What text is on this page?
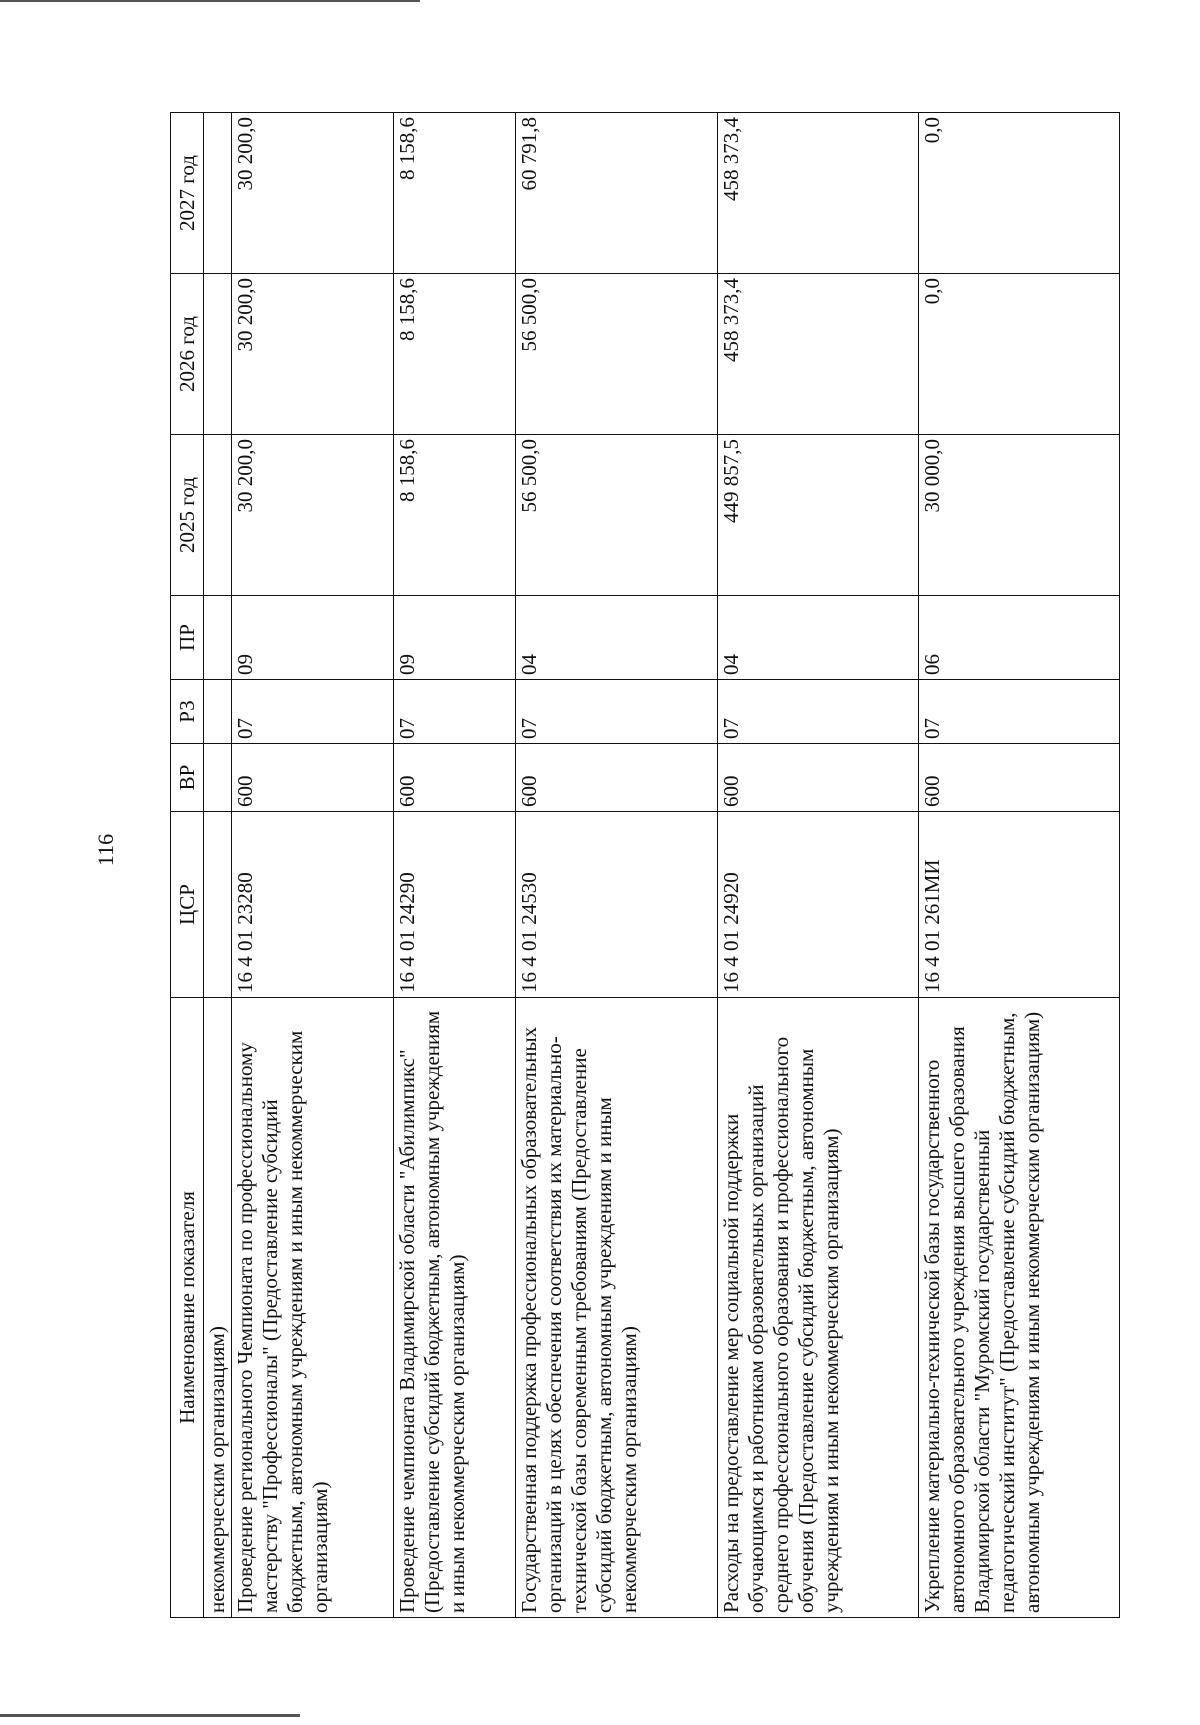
116
Наименование показателя	ЦСР	ВР	РЗ	ПР	2025 год	2026 год	2027 год
некоммерческим организациям)							
Проведение регионального Чемпионата по профессиональному мастерству "Профессионалы" (Предоставление субсидий бюджетным, автономным учреждениям и иным некоммерческим организациям)	16 4 01 23280	600	07	09	30 200,0	30 200,0	30 200,0
Проведение чемпионата Владимирской области "Абилимпикс" (Предоставление субсидий бюджетным, автономным учреждениям и иным некоммерческим организациям)	16 4 01 24290	600	07	09	8 158,6	8 158,6	8 158,6
Государственная поддержка профессиональных образовательных организаций в целях обеспечения соответствия их материально-технической базы современным требованиям (Предоставление субсидий бюджетным, автономным учреждениям и иным некоммерческим организациям)	16 4 01 24530	600	07	04	56 500,0	56 500,0	60 791,8
Расходы на предоставление мер социальной поддержки обучающимся и работникам образовательных организаций среднего профессионального образования и профессионального обучения (Предоставление субсидий бюджетным, автономным учреждениям и иным некоммерческим организациям)	16 4 01 24920	600	07	04	449 857,5	458 373,4	458 373,4
Укрепление материально-технической базы государственного автономного образовательного учреждения высшего образования Владимирской области "Муромский государственный педагогический институт" (Предоставление субсидий бюджетным, автономным учреждениям и иным некоммерческим организациям)	16 4 01 261МИ	600	07	06	30 000,0	0,0	0,0
